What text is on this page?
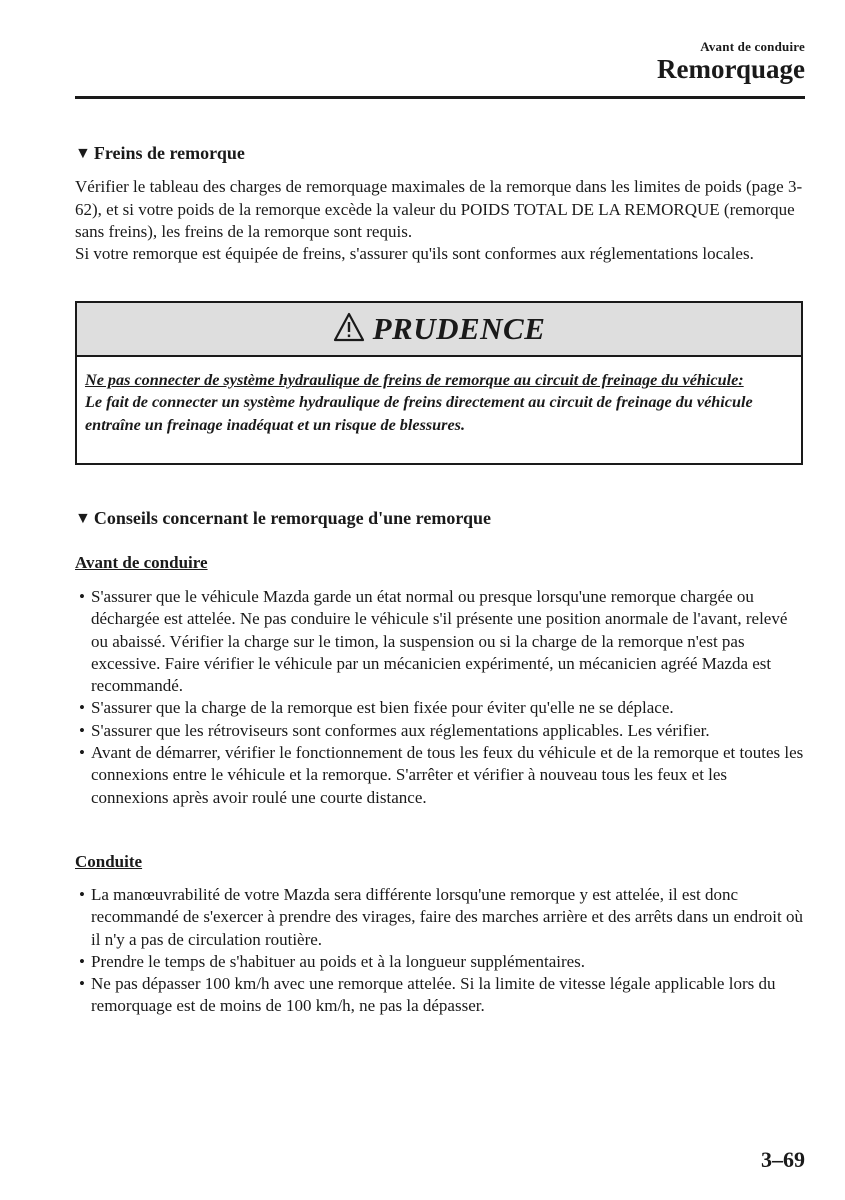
Avant de conduire
Remorquage
▼ Freins de remorque
Vérifier le tableau des charges de remorquage maximales de la remorque dans les limites de poids (page 3-62), et si votre poids de la remorque excède la valeur du POIDS TOTAL DE LA REMORQUE (remorque sans freins), les freins de la remorque sont requis.
Si votre remorque est équipée de freins, s'assurer qu'ils sont conformes aux réglementations locales.
PRUDENCE
Ne pas connecter de système hydraulique de freins de remorque au circuit de freinage du véhicule:
Le fait de connecter un système hydraulique de freins directement au circuit de freinage du véhicule entraîne un freinage inadéquat et un risque de blessures.
▼ Conseils concernant le remorquage d'une remorque
Avant de conduire
• S'assurer que le véhicule Mazda garde un état normal ou presque lorsqu'une remorque chargée ou déchargée est attelée. Ne pas conduire le véhicule s'il présente une position anormale de l'avant, relevé ou abaissé. Vérifier la charge sur le timon, la suspension ou si la charge de la remorque n'est pas excessive. Faire vérifier le véhicule par un mécanicien expérimenté, un mécanicien agréé Mazda est recommandé.
• S'assurer que la charge de la remorque est bien fixée pour éviter qu'elle ne se déplace.
• S'assurer que les rétroviseurs sont conformes aux réglementations applicables. Les vérifier.
• Avant de démarrer, vérifier le fonctionnement de tous les feux du véhicule et de la remorque et toutes les connexions entre le véhicule et la remorque. S'arrêter et vérifier à nouveau tous les feux et les connexions après avoir roulé une courte distance.
Conduite
• La manœuvrabilité de votre Mazda sera différente lorsqu'une remorque y est attelée, il est donc recommandé de s'exercer à prendre des virages, faire des marches arrière et des arrêts dans un endroit où il n'y a pas de circulation routière.
• Prendre le temps de s'habituer au poids et à la longueur supplémentaires.
• Ne pas dépasser 100 km/h avec une remorque attelée. Si la limite de vitesse légale applicable lors du remorquage est de moins de 100 km/h, ne pas la dépasser.
3–69
